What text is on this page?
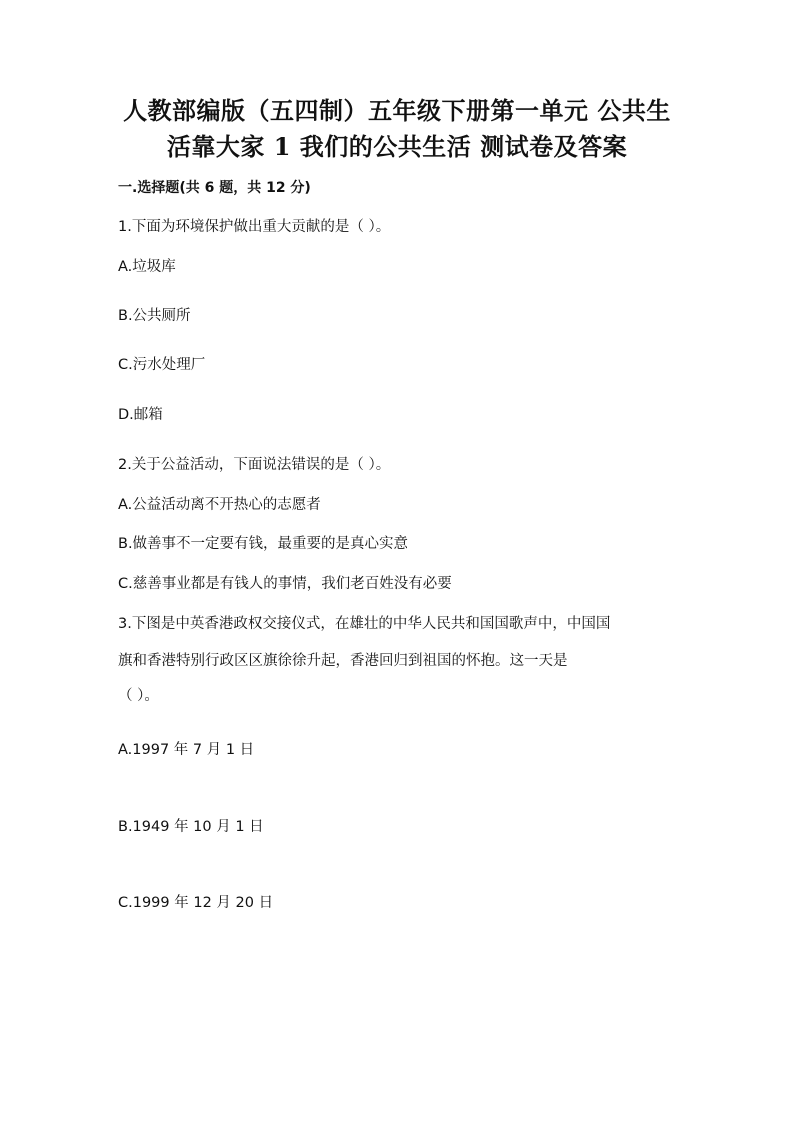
人教部编版（五四制）五年级下册第一单元 公共生
活靠大家 1 我们的公共生活 测试卷及答案
一.选择题(共 6 题，共 12 分)
1.下面为环境保护做出重大贡献的是（ ）。
A.垃圾库
B.公共厕所
C.污水处理厂
D.邮箱
2.关于公益活动，下面说法错误的是（ ）。
A.公益活动离不开热心的志愿者
B.做善事不一定要有钱，最重要的是真心实意
C.慈善事业都是有钱人的事情，我们老百姓没有必要
3.下图是中英香港政权交接仪式，在雄壮的中华人民共和国国歌声中，中国国
旗和香港特别行政区区旗徐徐升起，香港回归到祖国的怀抱。这一天是
（ ）。
A.1997 年 7 月 1 日
B.1949 年 10 月 1 日
C.1999 年 12 月 20 日
